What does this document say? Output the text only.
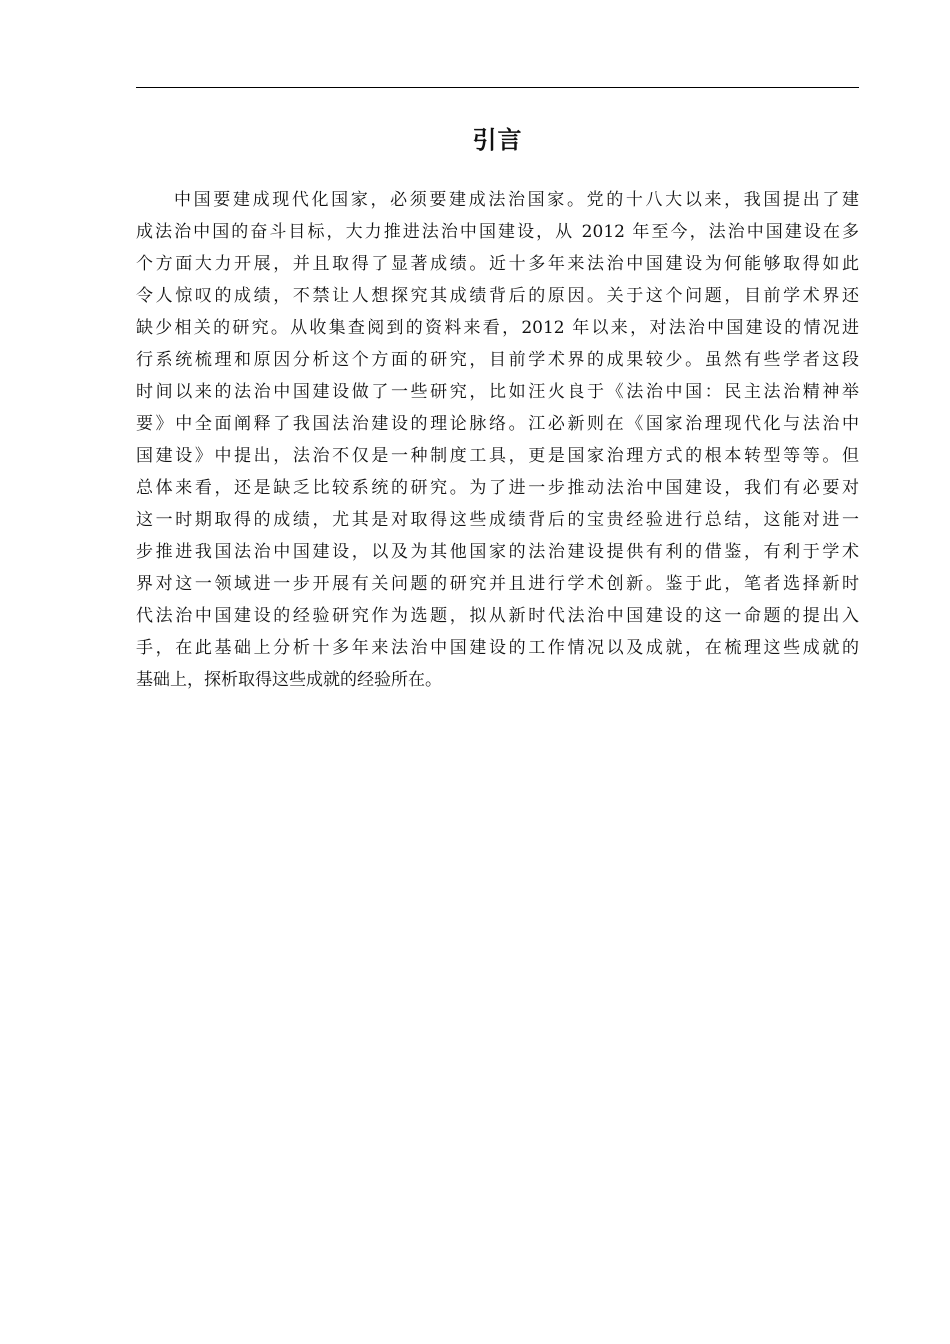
引言
中国要建成现代化国家，必须要建成法治国家。党的十八大以来，我国提出了建
成法治中国的奋斗目标，大力推进法治中国建设，从 2012 年至今，法治中国建设在多
个方面大力开展，并且取得了显著成绩。近十多年来法治中国建设为何能够取得如此
令人惊叹的成绩，不禁让人想探究其成绩背后的原因。关于这个问题，目前学术界还
缺少相关的研究。从收集查阅到的资料来看，2012 年以来，对法治中国建设的情况进
行系统梳理和原因分析这个方面的研究，目前学术界的成果较少。虽然有些学者这段
时间以来的法治中国建设做了一些研究，比如汪火良于《法治中国：民主法治精神举
要》中全面阐释了我国法治建设的理论脉络。江必新则在《国家治理现代化与法治中
国建设》中提出，法治不仅是一种制度工具，更是国家治理方式的根本转型等等。但
总体来看，还是缺乏比较系统的研究。为了进一步推动法治中国建设，我们有必要对
这一时期取得的成绩，尤其是对取得这些成绩背后的宝贵经验进行总结，这能对进一
步推进我国法治中国建设，以及为其他国家的法治建设提供有利的借鉴，有利于学术
界对这一领域进一步开展有关问题的研究并且进行学术创新。鉴于此，笔者选择新时
代法治中国建设的经验研究作为选题，拟从新时代法治中国建设的这一命题的提出入
手，在此基础上分析十多年来法治中国建设的工作情况以及成就，在梳理这些成就的
基础上，探析取得这些成就的经验所在。
